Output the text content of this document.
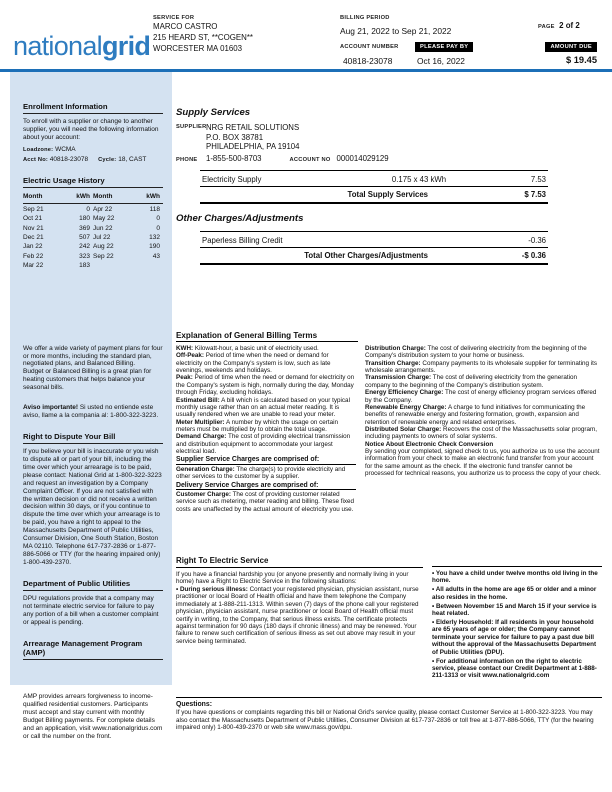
nationalgrid
SERVICE FOR
MARCO CASTRO
215 HEARD ST, **COGEN**
WORCESTER MA 01603
BILLING PERIOD
Aug 21, 2022 to Sep 21, 2022
ACCOUNT NUMBER
40818-23078
PLEASE PAY BY
Oct 16, 2022
PAGE 2 of 2
AMOUNT DUE
$ 19.45
Enrollment Information

To enroll with a supplier or change to another supplier, you will need the following information about your account:

Loadzone: WCMA
Acct No: 40818-23078 Cycle: 18, CAST
Electric Usage History
Month	kWh Month	kWh
Sep 21	0 Apr 22	118
Oct 21	180 May 22	0
Nov 21	369 Jun 22	0
Dec 21	507 Jul 22	132
Jan 22	242 Aug 22	190
Feb 22	323 Sep 22	43
Mar 22	183

We offer a wide variety of payment plans for four or more months, including the standard plan, negotiated plans, and Balanced Billing.

Budget or Balanced Billing is a great plan for heating customers that helps balance your seasonal bills.

Aviso importante! Si usted no entiende este aviso, llame a la compania al: 1-800-322-3223.

Right to Dispute Your Bill

If you believe your bill is inaccurate or you wish to dispute all or part of your bill, including the time over which your arrearage is to be paid, please contact: National Grid at 1-800-322-3223 and request an investigation by a Company Complaint Officer. If you are not satisfied with the written decision or did not receive a written decision within 30 days, or if you continue to dispute the time over which your arrearage is to be paid, you have a right to appeal to the Massachusetts Department of Public Utilities, Consumer Division, One South Station, Boston MA 02110. Telephone 617-737-2836 or 1-877-886-5066 or TTY (for the hearing impaired only) 1-800-439-2370.

Department of Public Utilities

DPU regulations provide that a company may not terminate electric service for failure to pay any portion of a bill when a customer complaint or appeal is pending.

Arrearage Management Program (AMP)

AMP provides arrears forgiveness to income-qualified residential customers. Participants must accept and stay current with monthly Budget Billing payments. For complete details and an application, visit www.nationalgridus.com or call the number on the front.

Supply Services
SUPPLIER NRG RETAIL SOLUTIONS
P.O. BOX 38781
PHILADELPHIA, PA 19104
PHONE	1-855-500-8703	ACCOUNT NO 000014029129
Electricity Supply	0.175 x 43 kWh	7.53
Total Supply Services	$ 7.53
Other Charges/Adjustments
Paperless Billing Credit	-0.36
Total Other Charges/Adjustments	-$ 0.36
Explanation of General Billing Terms

KWH: Kilowatt-hour, a basic unit of electricity used.

Off-Peak: Period of time when the need or demand for electricity on the Company's system is low, such as late evenings, weekends and holidays.

Peak: Period of time when the need or demand for electricity on the Company's system is high, normally during the day, Monday through Friday, excluding holidays.

Estimated Bill: A bill which is calculated based on your typical monthly usage rather than on an actual meter reading. It is usually rendered when we are unable to read your meter.

Meter Multiplier: A number by which the usage on certain meters must be multiplied by to obtain the total usage.

Demand Charge: The cost of providing electrical transmission and distribution equipment to accommodate your largest electrical load.

Supplier Service Charges are comprised of:

Generation Charge: The charge(s) to provide electricity and other services to the customer by a supplier.

Delivery Service Charges are comprised of:

Customer Charge: The cost of providing customer related service such as metering, meter reading and billing. These fixed costs are unaffected by the actual amount of electricity you use.

Distribution Charge: The cost of delivering electricity from the beginning of the Company's distribution system to your home or business.

Transition Charge: Company payments to its wholesale supplier for terminating its wholesale arrangements.

Transmission Charge: The cost of delivering electricity from the generation company to the beginning of the Company's distribution system.

Energy Efficiency Charge: The cost of energy efficiency program services offered by the Company.

Renewable Energy Charge: A charge to fund initiatives for communicating the benefits of renewable energy and fostering formation, growth, expansion and retention of renewable energy and related enterprises.

Distributed Solar Charge: Recovers the cost of the Massachusetts solar program, including payments to owners of solar systems.

Notice About Electronic Check Conversion
By sending your completed, signed check to us, you authorize us to use the account information from your check to make an electronic fund transfer from your account for the same amount as the check. If the electronic fund transfer cannot be processed for technical reasons, you authorize us to process the copy of your check.

Right To Electric Service

If you have a financial hardship you (or anyone presently and normally living in your home) have a Right to Electric Service in the following situations:

• During serious illness: Contact your registered physician, physician assistant, nurse practitioner or local Board of Health official and have them telephone the Company immediately at 1-888-211-1313. Within seven (7) days of the phone call your registered physician, physician assistant, nurse practitioner or local Board of Health official must certify in writing, to the Company, that serious illness exists. The certificate protects against termination for 90 days (180 days if chronic illness) and may be renewed. Your failure to renew such certification of serious illness as set out above may result in your service being terminated.

• You have a child under twelve months old living in the home.

• All adults in the home are age 65 or older and a minor also resides in the home.

• Between November 15 and March 15 if your service is heat related.

• Elderly Household: If all residents in your household are 65 years of age or older; the Company cannot terminate your service for failure to pay a past due bill without the approval of the Massachusetts Department of Public Utilities (DPU).

• For additional information on the right to electric service, please contact our Credit Department at 1-888-211-1313 or visit www.nationalgrid.com

Questions:

If you have questions or complaints regarding this bill or National Grid's service quality, please contact Customer Service at 1-800-322-3223. You may also contact the Massachusetts Department of Public Utilities, Consumer Division at 617-737-2836 or toll free at 1-877-886-5066, TTY (for the hearing impaired only) 1-800-439-2370 or web site www.mass.gov/dpu.
